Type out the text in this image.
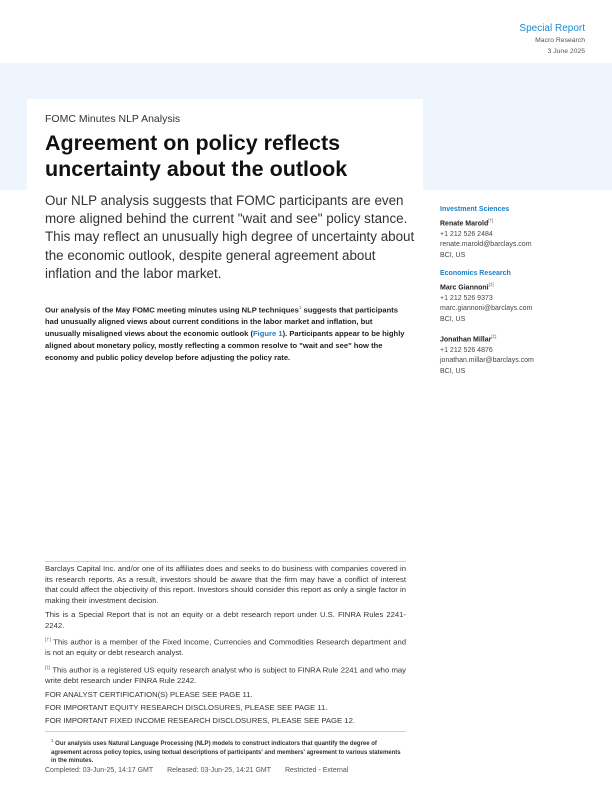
Special Report
Macro Research
3 June 2025
FOMC Minutes NLP Analysis
Agreement on policy reflects uncertainty about the outlook

Our NLP analysis suggests that FOMC participants are even more aligned behind the current "wait and see" policy stance. This may reflect an unusually high degree of uncertainty about the economic outlook, despite general agreement about inflation and the labor market.

Our analysis of the May FOMC meeting minutes using NLP techniques$^1$ suggests that participants had unusually aligned views about current conditions in the labor market and inflation, but unusually misaligned views about the economic outlook (Figure 1). Participants appear to be highly aligned about monetary policy, mostly reflecting a common resolve to "wait and see" how the economy and public policy develop before adjusting the policy rate.

Investment Sciences
Renate Marold[†]
+1 212 526 2484
renate.marold@barclays.com
BCI, US
Economics Research
Marc Giannoni[‡]
+1 212 526 9373
marc.giannoni@barclays.com
BCI, US
Jonathan Millar[‡]
+1 212 526 4876
jonathan.millar@barclays.com
BCI, US

Barclays Capital Inc. and/or one of its affiliates does and seeks to do business with companies covered in its research reports. As a result, investors should be aware that the firm may have a conflict of interest that could affect the objectivity of this report. Investors should consider this report as only a single factor in making their investment decision.

This is a Special Report that is not an equity or a debt research report under U.S. FINRA Rules 2241-2242.

[†] This author is a member of the Fixed Income, Currencies and Commodities Research department and is not an equity or debt research analyst.

[‡] This author is a registered US equity research analyst who is subject to FINRA Rule 2241 and who may write debt research under FINRA Rule 2242.

FOR ANALYST CERTIFICATION(S) PLEASE SEE PAGE 11.

FOR IMPORTANT EQUITY RESEARCH DISCLOSURES, PLEASE SEE PAGE 11.

FOR IMPORTANT FIXED INCOME RESEARCH DISCLOSURES, PLEASE SEE PAGE 12.

$^1$ Our analysis uses Natural Language Processing (NLP) models to construct indicators that quantify the degree of agreement across policy topics, using textual descriptions of participants' and members' agreement to various statements in the minutes.
Completed: 03-Jun-25, 14:17 GMT Released: 03-Jun-25, 14:21 GMT Restricted - External
